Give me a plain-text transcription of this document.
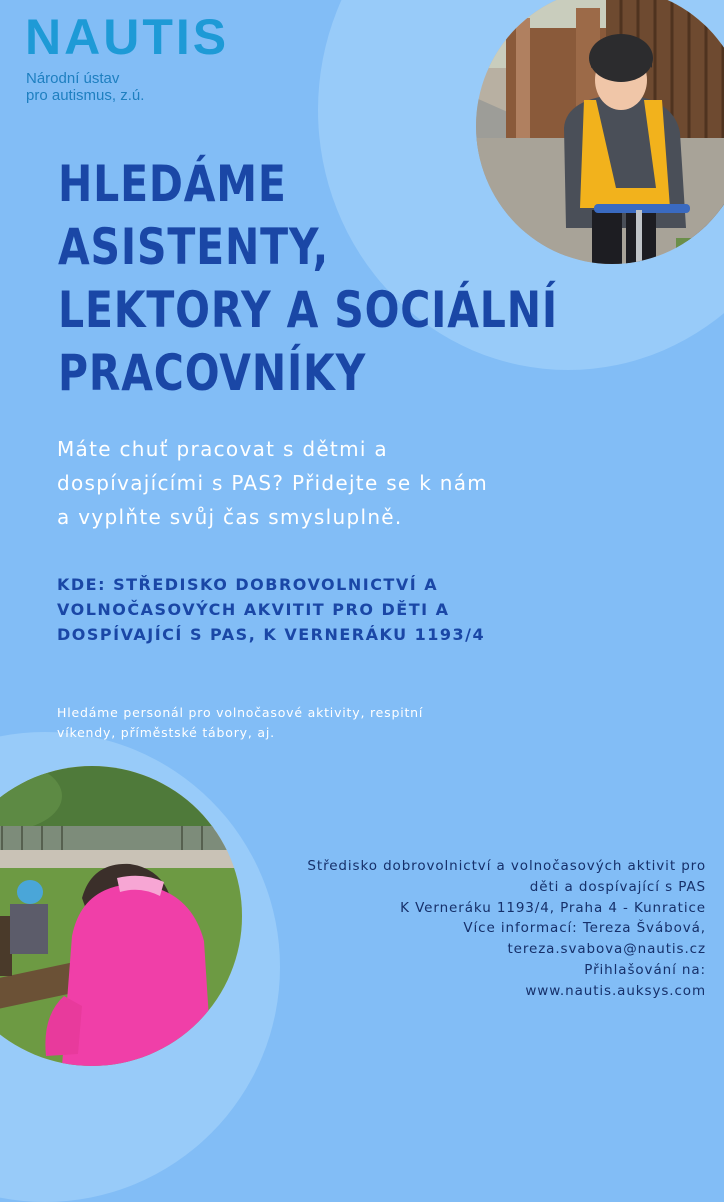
NAUTIS
Národní ústav
pro autismus, z.ú.
HLEDÁME
ASISTENTY,
LEKTORY A SOCIÁLNÍ
PRACOVNÍKY
Máte chuť pracovat s dětmi a dospívajícími s PAS? Přidejte se k nám a vyplňte svůj čas smysluplně.
KDE: STŘEDISKO DOBROVOLNICTVÍ A VOLNOČASOVÝCH AKVITIT PRO DĚTI A DOSPÍVAJÍCÍ S PAS, K VERNERÁKU 1193/4
Hledáme personál pro volnočasové aktivity, respitní víkendy, příměstské tábory, aj.
Středisko dobrovolnictví a volnočasových aktivit pro
děti a dospívající s PAS
K Verneráku 1193/4, Praha 4 - Kunratice
Více informací: Tereza Švábová,
tereza.svabova@nautis.cz
Přihlašování na:
www.nautis.auksys.com
